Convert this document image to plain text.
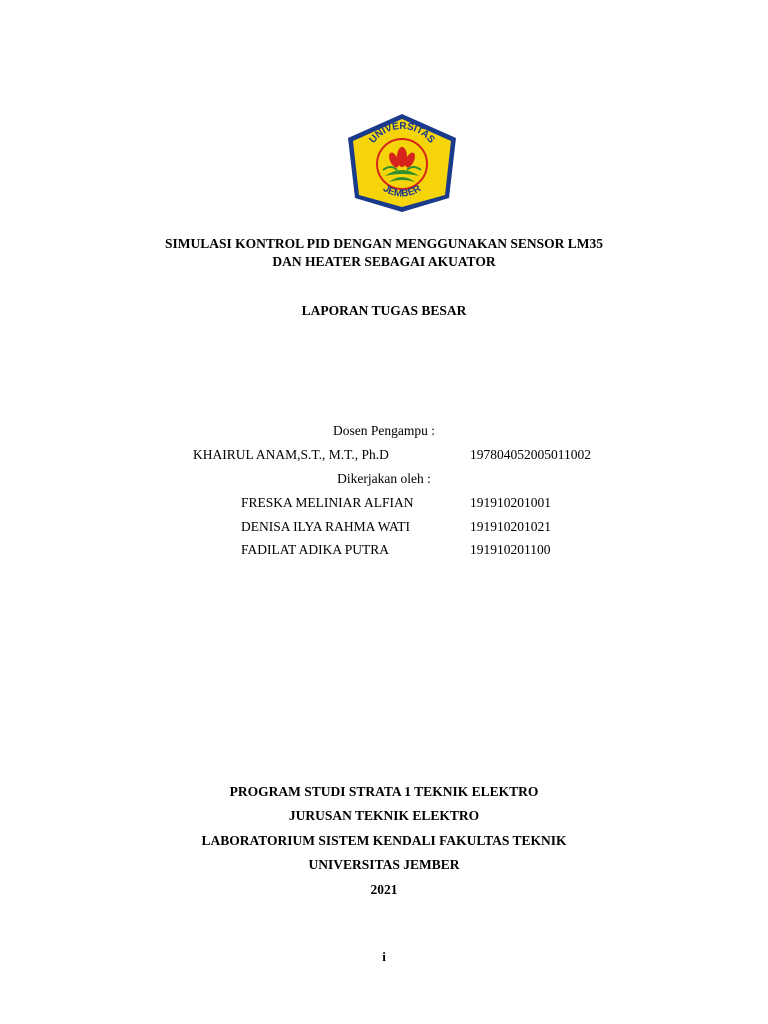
UNIVERSITAS
JEMBER
SIMULASI KONTROL PID DENGAN MENGGUNAKAN SENSOR LM35
DAN HEATER SEBAGAI AKUATOR
LAPORAN TUGAS BESAR
Dosen Pengampu :
KHAIRUL ANAM,S.T., M.T., Ph.D	197804052005011002
Dikerjakan oleh :
FRESKA MELINIAR ALFIAN	191910201001
DENISA ILYA RAHMA WATI	191910201021
FADILAT ADIKA PUTRA	191910201100
PROGRAM STUDI STRATA 1 TEKNIK ELEKTRO
JURUSAN TEKNIK ELEKTRO
LABORATORIUM SISTEM KENDALI FAKULTAS TEKNIK
UNIVERSITAS JEMBER
2021
i
